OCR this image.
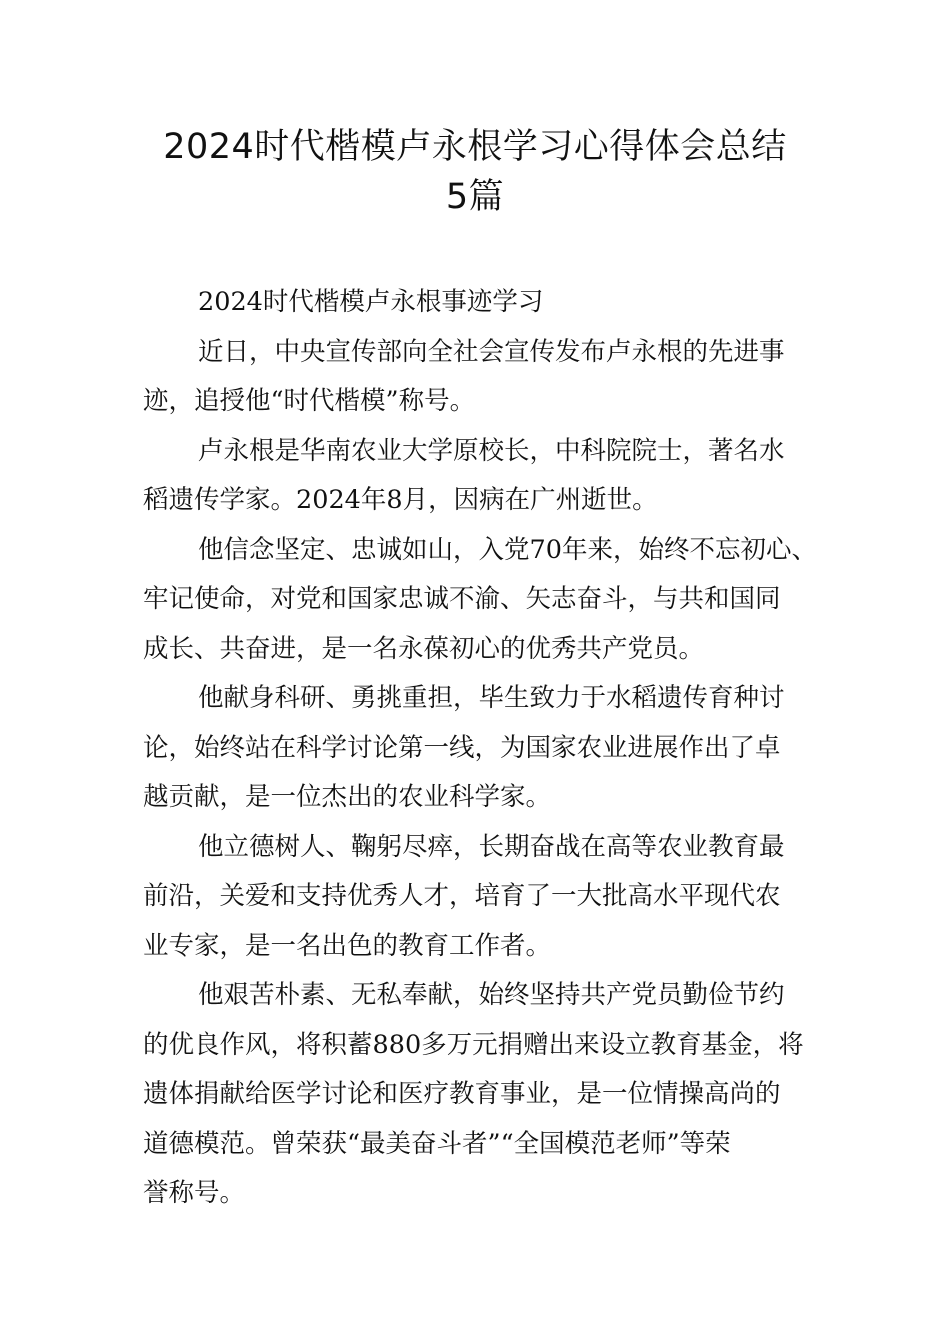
2024时代楷模卢永根学习心得体会总结
5篇

2024时代楷模卢永根事迹学习

近日，中央宣传部向全社会宣传发布卢永根的先进事
迹，追授他“时代楷模”称号。

卢永根是华南农业大学原校长，中科院院士，著名水
稻遗传学家。2024年8月，因病在广州逝世。

他信念坚定、忠诚如山，入党70年来，始终不忘初心、
牢记使命，对党和国家忠诚不渝、矢志奋斗，与共和国同
成长、共奋进，是一名永葆初心的优秀共产党员。

他献身科研、勇挑重担，毕生致力于水稻遗传育种讨
论，始终站在科学讨论第一线，为国家农业进展作出了卓
越贡献，是一位杰出的农业科学家。

他立德树人、鞠躬尽瘁，长期奋战在高等农业教育最
前沿，关爱和支持优秀人才，培育了一大批高水平现代农
业专家，是一名出色的教育工作者。

他艰苦朴素、无私奉献，始终坚持共产党员勤俭节约
的优良作风，将积蓄880多万元捐赠出来设立教育基金，将
遗体捐献给医学讨论和医疗教育事业，是一位情操高尚的
道德模范。曾荣获“最美奋斗者”“全国模范老师”等荣
誉称号。
